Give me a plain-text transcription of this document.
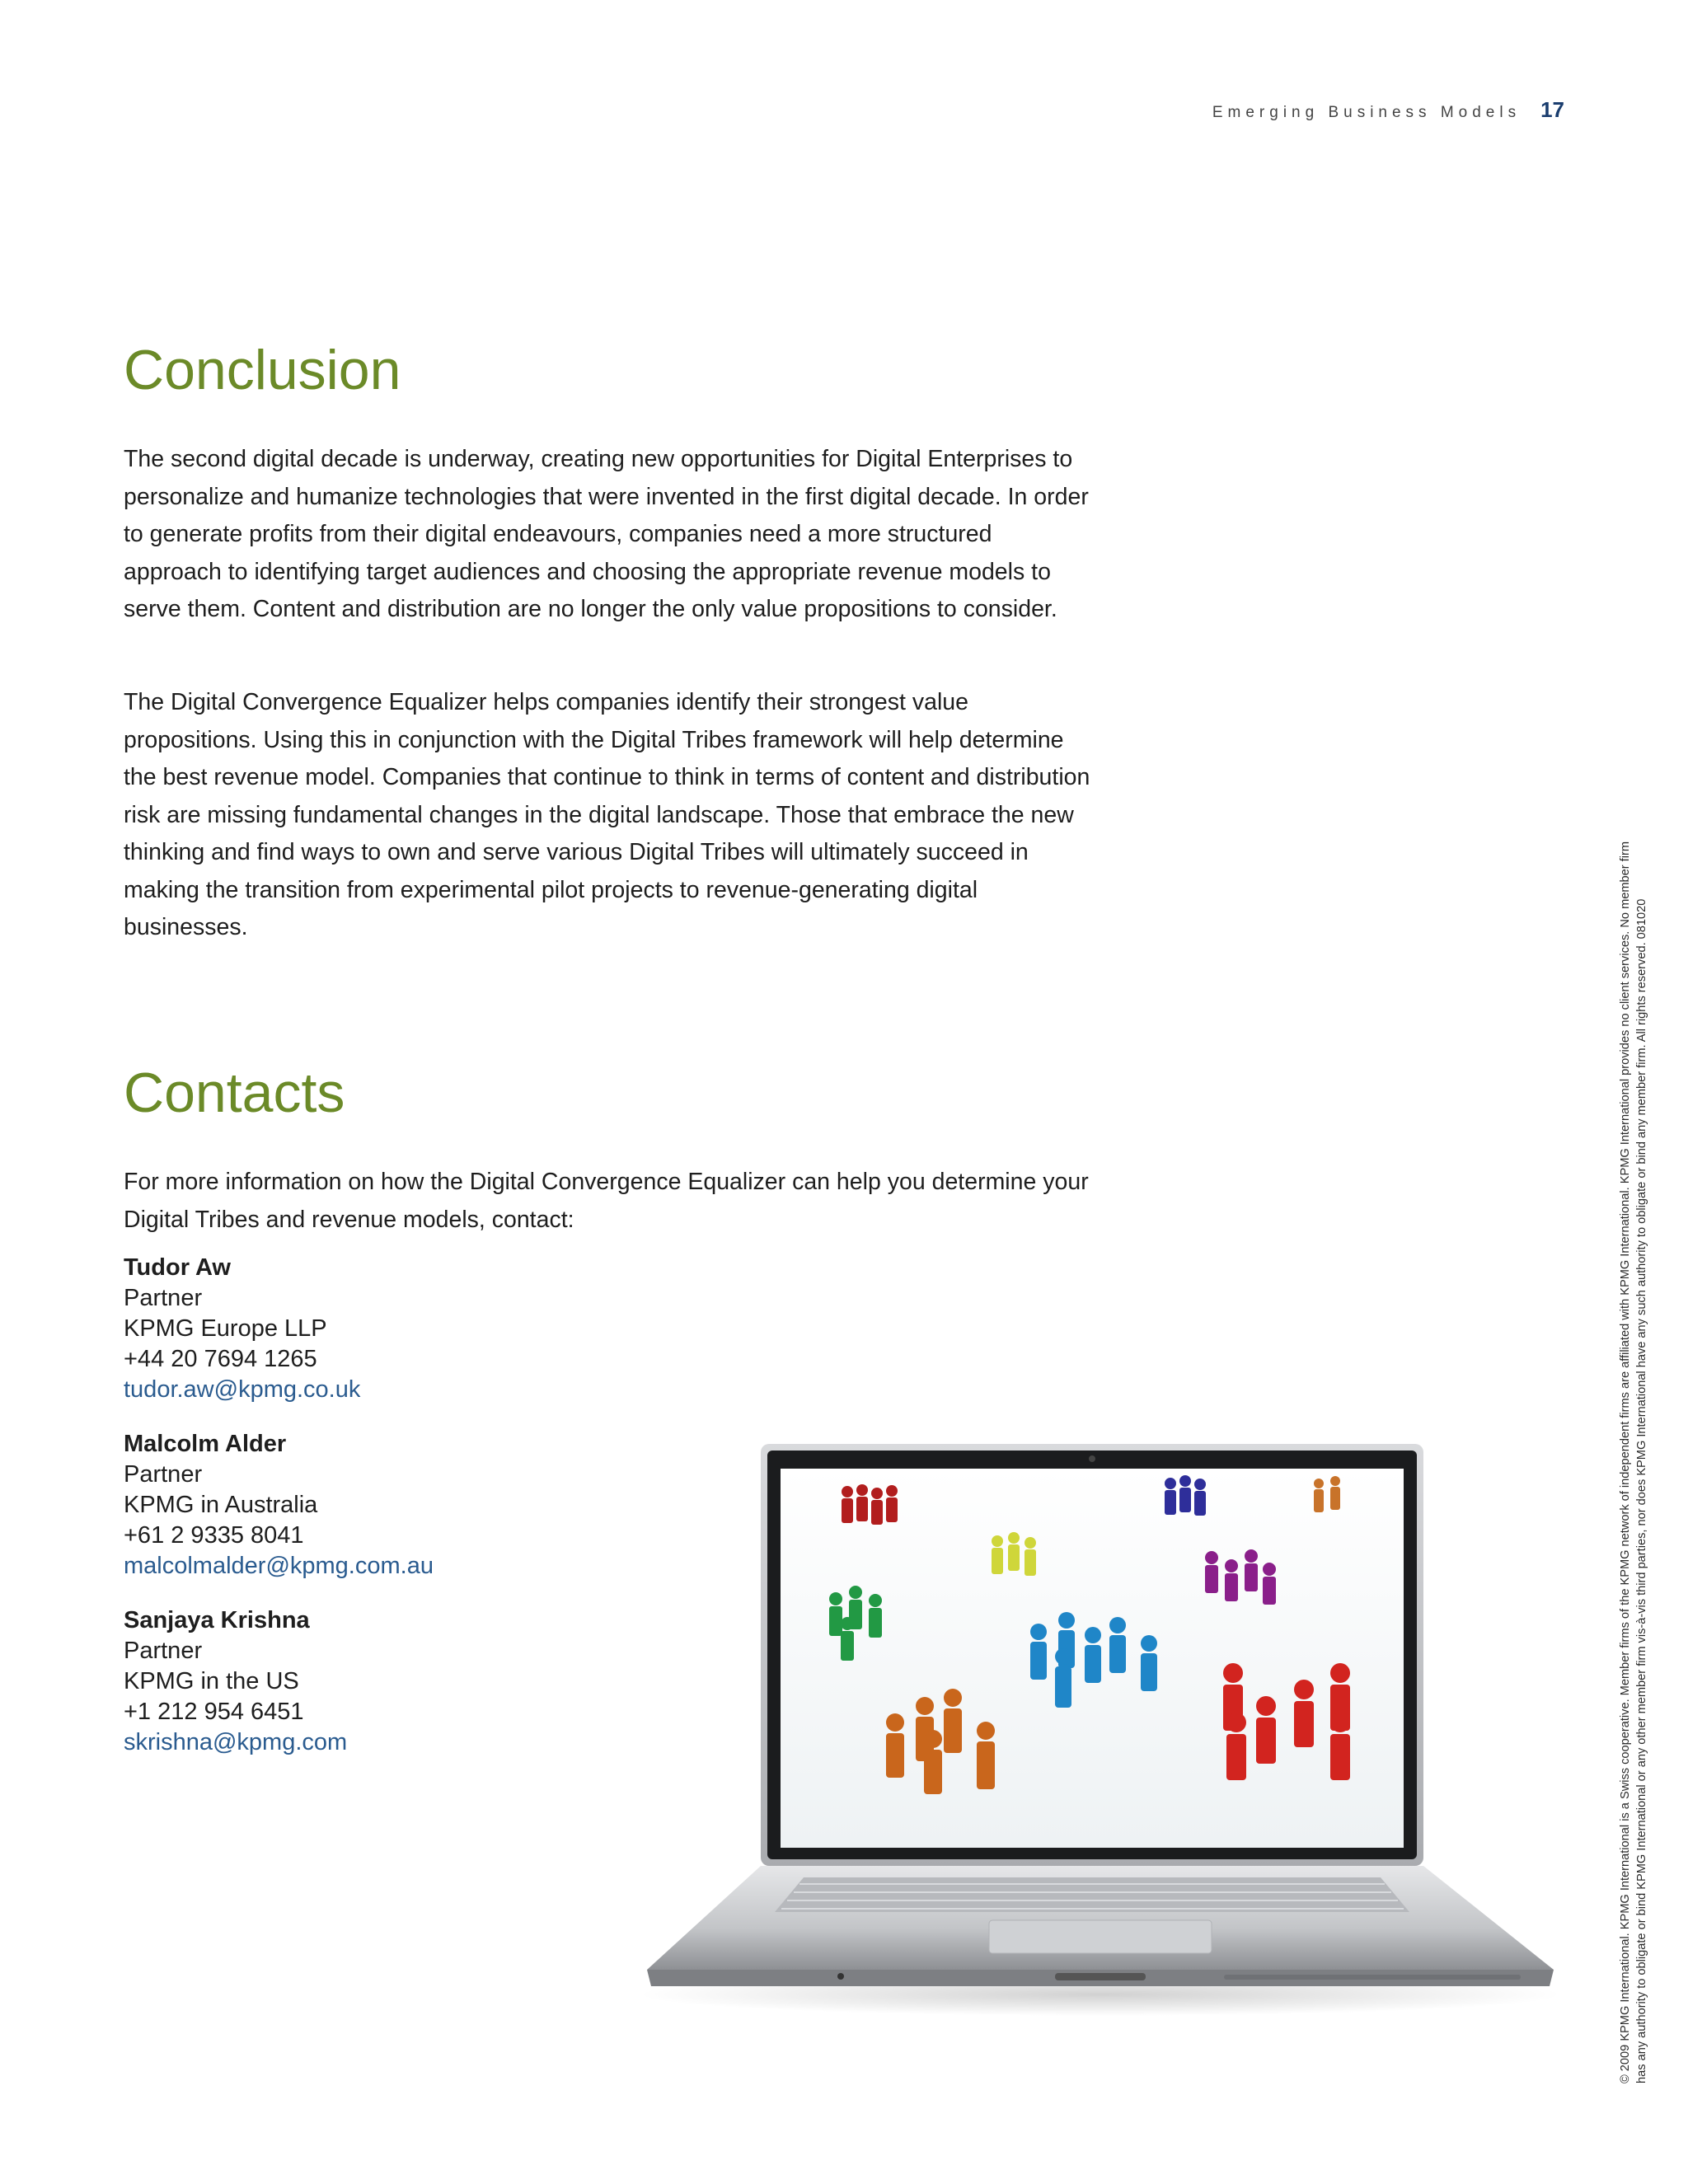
Emerging Business Models 17
Conclusion

The second digital decade is underway, creating new opportunities for Digital Enterprises to personalize and humanize technologies that were invented in the first digital decade. In order to generate profits from their digital endeavours, companies need a more structured approach to identifying target audiences and choosing the appropriate revenue models to serve them. Content and distribution are no longer the only value propositions to consider.

The Digital Convergence Equalizer helps companies identify their strongest value propositions. Using this in conjunction with the Digital Tribes framework will help determine the best revenue model. Companies that continue to think in terms of content and distribution risk are missing fundamental changes in the digital landscape. Those that embrace the new thinking and find ways to own and serve various Digital Tribes will ultimately succeed in making the transition from experimental pilot projects to revenue-generating digital businesses.

Contacts

For more information on how the Digital Convergence Equalizer can help you determine your Digital Tribes and revenue models, contact:

Tudor Aw
Partner
KPMG Europe LLP
+44 20 7694 1265
tudor.aw@kpmg.co.uk
Malcolm Alder
Partner
KPMG in Australia
+61 2 9335 8041
malcolmalder@kpmg.com.au
Sanjaya Krishna
Partner
KPMG in the US
+1 212 954 6451
skrishna@kpmg.com	© 2009 KPMG International. KPMG International is a Swiss cooperative. Member firms of the KPMG network of independent firms are affiliated with KPMG International. KPMG International provides no client services. No member firm has any authority to obligate or bind KPMG International or any other member firm vis-à-vis third parties, nor does KPMG International have any such authority to obligate or bind any member firm. All rights reserved. 081020
